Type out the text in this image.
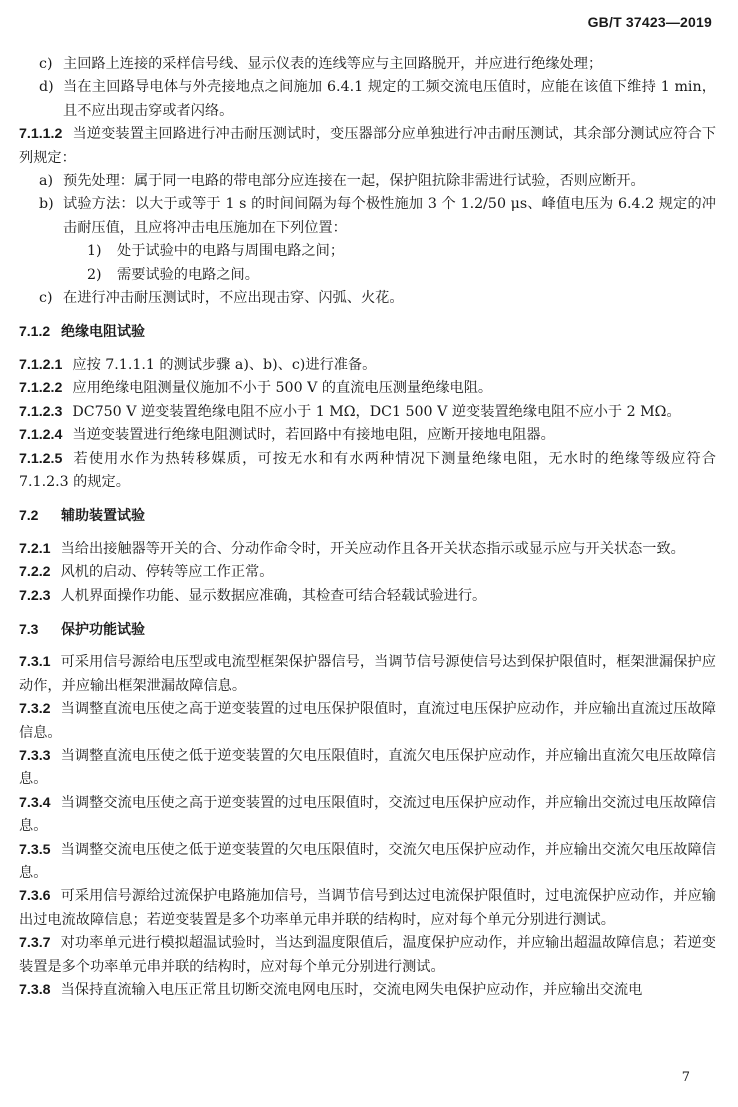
GB/T 37423—2019
c) 主回路上连接的采样信号线、显示仪表的连线等应与主回路脱开，并应进行绝缘处理；
d) 当在主回路导电体与外壳接地点之间施加 6.4.1 规定的工频交流电压值时，应能在该值下维持 1 min，且不应出现击穿或者闪络。

7.1.1.2 当逆变装置主回路进行冲击耐压测试时，变压器部分应单独进行冲击耐压测试，其余部分测试应符合下列规定：

a) 预先处理：属于同一电路的带电部分应连接在一起，保护阻抗除非需进行试验，否则应断开。
b) 试验方法：以大于或等于 1 s 的时间间隔为每个极性施加 3 个 1.2/50 μs、峰值电压为 6.4.2 规定的冲击耐压值，且应将冲击电压施加在下列位置：
1)	处于试验中的电路与周围电路之间；
2)	需要试验的电路之间。
c) 在进行冲击耐压测试时，不应出现击穿、闪弧、火花。
7.1.2 绝缘电阻试验

7.1.2.1 应按 7.1.1.1 的测试步骤 a)、b)、c)进行准备。

7.1.2.2 应用绝缘电阻测量仪施加不小于 500 V 的直流电压测量绝缘电阻。

7.1.2.3 DC750 V 逆变装置绝缘电阻不应小于 1 MΩ，DC1 500 V 逆变装置绝缘电阻不应小于 2 MΩ。

7.1.2.4 当逆变装置进行绝缘电阻测试时，若回路中有接地电阻，应断开接地电阻器。

7.1.2.5 若使用水作为热转移媒质，可按无水和有水两种情况下测量绝缘电阻，无水时的绝缘等级应符合 7.1.2.3 的规定。

7.2 辅助装置试验

7.2.1 当给出接触器等开关的合、分动作命令时，开关应动作且各开关状态指示或显示应与开关状态一致。

7.2.2 风机的启动、停转等应工作正常。

7.2.3 人机界面操作功能、显示数据应准确，其检查可结合轻载试验进行。

7.3 保护功能试验

7.3.1 可采用信号源给电压型或电流型框架保护器信号，当调节信号源使信号达到保护限值时，框架泄漏保护应动作，并应输出框架泄漏故障信息。

7.3.2 当调整直流电压使之高于逆变装置的过电压保护限值时，直流过电压保护应动作，并应输出直流过压故障信息。

7.3.3 当调整直流电压使之低于逆变装置的欠电压限值时，直流欠电压保护应动作，并应输出直流欠电压故障信息。

7.3.4 当调整交流电压使之高于逆变装置的过电压限值时，交流过电压保护应动作，并应输出交流过电压故障信息。

7.3.5 当调整交流电压使之低于逆变装置的欠电压限值时，交流欠电压保护应动作，并应输出交流欠电压故障信息。

7.3.6 可采用信号源给过流保护电路施加信号，当调节信号到达过电流保护限值时，过电流保护应动作，并应输出过电流故障信息；若逆变装置是多个功率单元串并联的结构时，应对每个单元分别进行测试。

7.3.7 对功率单元进行模拟超温试验时，当达到温度限值后，温度保护应动作，并应输出超温故障信息；若逆变装置是多个功率单元串并联的结构时，应对每个单元分别进行测试。

7.3.8 当保持直流输入电压正常且切断交流电网电压时，交流电网失电保护应动作，并应输出交流电

7
